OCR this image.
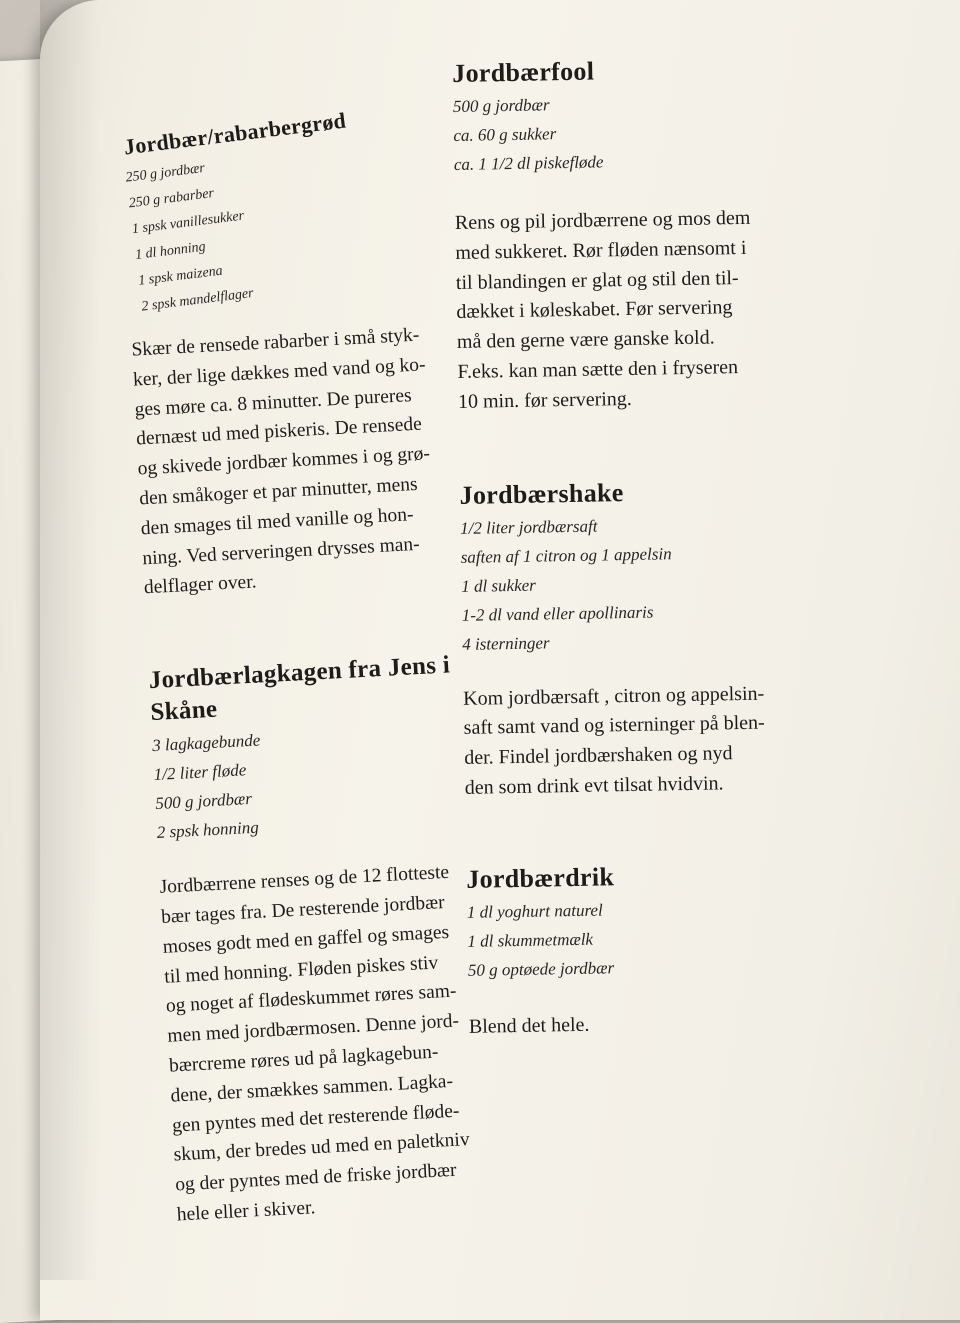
Jordbær/rabarbergrød
250 g jordbær
250 g rabarber
1 spsk vanillesukker
1 dl honning
1 spsk maizena
2 spsk mandelflager

Skær de rensede rabarber i små styk-
ker, der lige dækkes med vand og ko-
ges møre ca. 8 minutter. De pureres
dernæst ud med piskeris. De rensede
og skivede jordbær kommes i og grø-
den småkoger et par minutter, mens
den smages til med vanille og hon-
ning. Ved serveringen drysses man-
delflager over.

Jordbærlagkagen fra Jens i Skåne
3 lagkagebunde
1/2 liter fløde
500 g jordbær
2 spsk honning

Jordbærrene renses og de 12 flotteste
bær tages fra. De resterende jordbær
moses godt med en gaffel og smages
til med honning. Fløden piskes stiv
og noget af flødeskummet røres sam-
men med jordbærmosen. Denne jord-
bærcreme røres ud på lagkagebun-
dene, der smækkes sammen. Lagka-
gen pyntes med det resterende fløde-
skum, der bredes ud med en paletkniv
og der pyntes med de friske jordbær
hele eller i skiver.

Jordbærfool
500 g jordbær
ca. 60 g sukker
ca. 1 1/2 dl piskefløde

Rens og pil jordbærrene og mos dem
med sukkeret. Rør fløden nænsomt i
til blandingen er glat og stil den til-
dækket i køleskabet. Før servering
må den gerne være ganske kold.
F.eks. kan man sætte den i fryseren
10 min. før servering.

Jordbærshake
1/2 liter jordbærsaft
saften af 1 citron og 1 appelsin
1 dl sukker
1-2 dl vand eller apollinaris
4 isterninger

Kom jordbærsaft , citron og appelsin-
saft samt vand og isterninger på blen-
der. Findel jordbærshaken og nyd
den som drink evt tilsat hvidvin.

Jordbærdrik
1 dl yoghurt naturel
1 dl skummetmælk
50 g optøede jordbær

Blend det hele.
